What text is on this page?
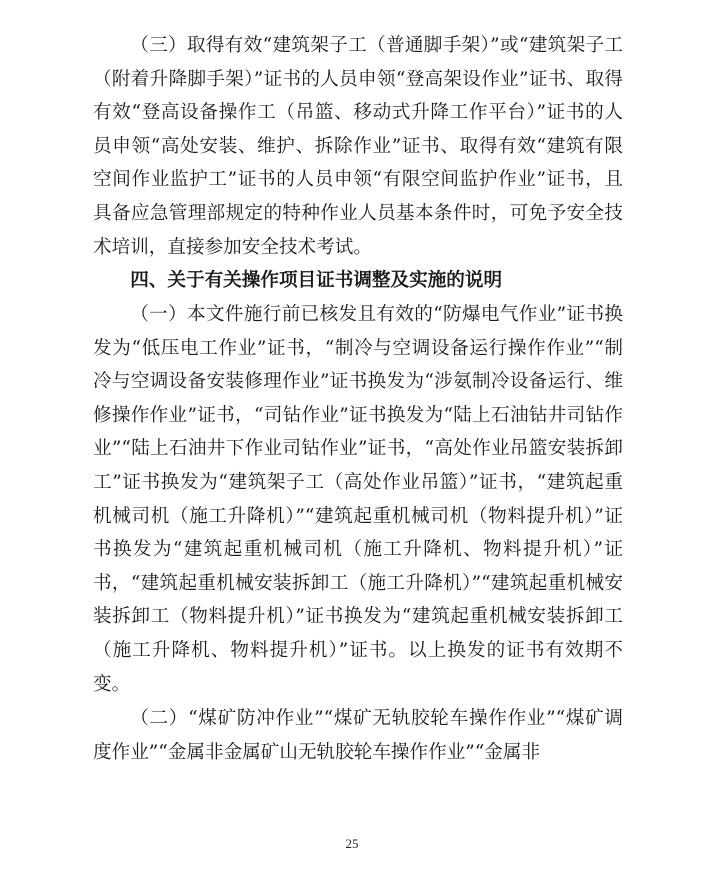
（三）取得有效“建筑架子工（普通脚手架）”或“建筑架子工（附着升降脚手架）”证书的人员申领“登高架设作业”证书、取得有效“登高设备操作工（吊篮、移动式升降工作平台）”证书的人员申领“高处安装、维护、拆除作业”证书、取得有效“建筑有限空间作业监护工”证书的人员申领“有限空间监护作业”证书，且具备应急管理部规定的特种作业人员基本条件时，可免予安全技术培训，直接参加安全技术考试。

四、关于有关操作项目证书调整及实施的说明

（一）本文件施行前已核发且有效的“防爆电气作业”证书换发为“低压电工作业”证书，“制冷与空调设备运行操作作业”“制冷与空调设备安装修理作业”证书换发为“涉氨制冷设备运行、维修操作作业”证书，“司钻作业”证书换发为“陆上石油钻井司钻作业”“陆上石油井下作业司钻作业”证书，“高处作业吊篮安装拆卸工”证书换发为“建筑架子工（高处作业吊篮）”证书，“建筑起重机械司机（施工升降机）”“建筑起重机械司机（物料提升机）”证书换发为“建筑起重机械司机（施工升降机、物料提升机）”证书，“建筑起重机械安装拆卸工（施工升降机）”“建筑起重机械安装拆卸工（物料提升机）”证书换发为“建筑起重机械安装拆卸工（施工升降机、物料提升机）”证书。以上换发的证书有效期不变。

（二）“煤矿防冲作业”“煤矿无轨胶轮车操作作业”“煤矿调度作业”“金属非金属矿山无轨胶轮车操作作业”“金属非

25
